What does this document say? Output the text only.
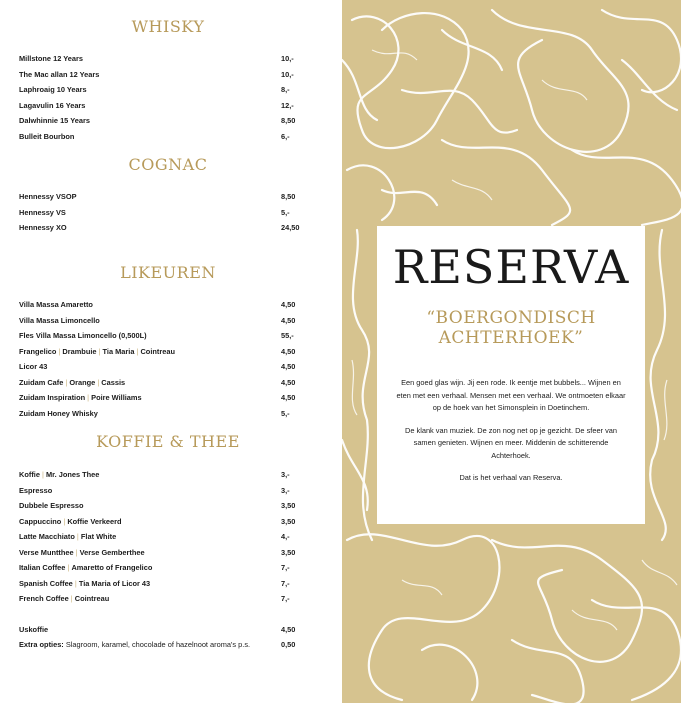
WHISKY
Millstone 12 Years	10,-
The Mac allan 12 Years	10,-
Laphroaig 10 Years	8,-
Lagavulin 16 Years	12,-
Dalwhinnie 15 Years	8,50
Bulleit Bourbon	6,-
COGNAC
Hennessy VSOP	8,50
Hennessy VS	5,-
Hennessy XO	24,50
LIKEUREN
Villa Massa Amaretto	4,50
Villa Massa Limoncello	4,50
Fles Villa Massa Limoncello (0,500L)	55,-
Frangelico | Drambuie | Tia Maria | Cointreau	4,50
Licor 43	4,50
Zuidam Cafe | Orange | Cassis	4,50
Zuidam Inspiration | Poire Williams	4,50
Zuidam Honey Whisky	5,-
KOFFIE & THEE
Koffie | Mr. Jones Thee	3,-
Espresso	3,-
Dubbele Espresso	3,50
Cappuccino | Koffie Verkeerd	3,50
Latte Macchiato | Flat White	4,-
Verse Muntthee | Verse Gemberthee	3,50
Italian Coffee | Amaretto of Frangelico	7,-
Spanish Coffee | Tia Maria of Licor 43	7,-
French Coffee | Cointreau	7,-
Uskoffie	4,50
Extra opties: Slagroom, karamel, chocolade of hazelnoot aroma's p.s.	0,50
RESERVA
“BOERGONDISCH
ACHTERHOEK”

Een goed glas wijn. Jij een rode. Ik eentje met bubbels... Wijnen en eten met een verhaal. Mensen met een verhaal. We ontmoeten elkaar op de hoek van het Simonsplein in Doetinchem.

De klank van muziek. De zon nog net op je gezicht. De sfeer van samen genieten. Wijnen en meer. Middenin de schitterende Achterhoek.

Dat is het verhaal van Reserva.
